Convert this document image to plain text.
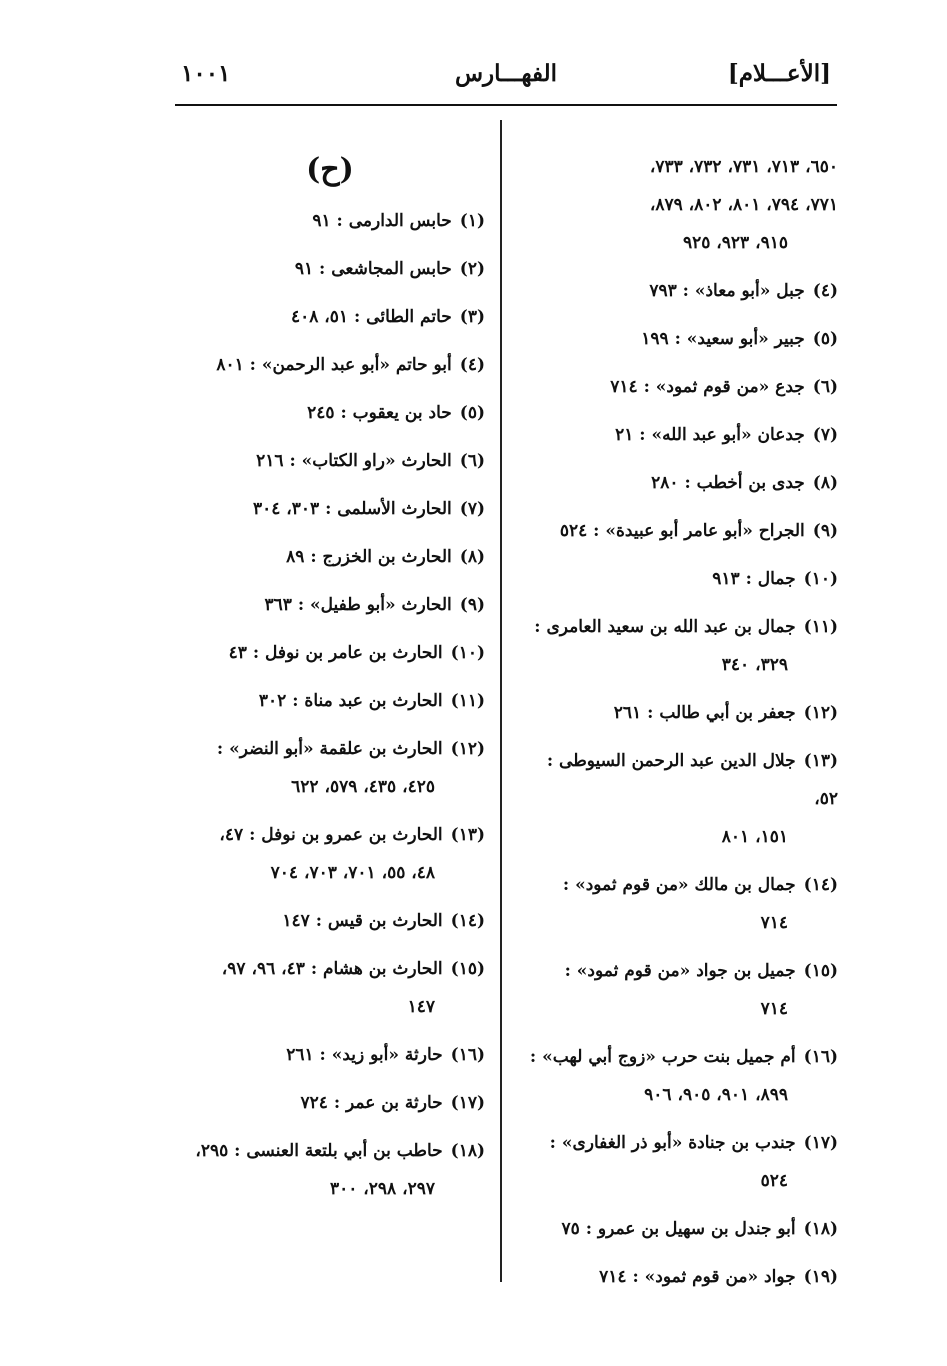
[الأعـــلام]
الفهـــارس
١٠٠١
٦٥٠، ٧١٣، ٧٣١، ٧٣٢، ٧٣٣،
٧٧١، ٧٩٤، ٨٠١، ٨٠٢، ٨٧٩،
٩١٥، ٩٢٣، ٩٢٥
(٤)جبل «أبو معاذ» : ٧٩٣
(٥)جبير «أبو سعيد» : ١٩٩
(٦)جدع «من قوم ثمود» : ٧١٤
(٧)جدعان «أبو عبد الله» : ٢١
(٨)جدى بن أخطب : ٢٨٠
(٩)الجراح «أبو عامر أبو عبيدة» : ٥٢٤
(١٠)جمال : ٩١٣
(١١)جمال بن عبد الله بن سعيد العامرى :
٣٢٩، ٣٤٠
(١٢)جعفر بن أبي طالب : ٢٦١
(١٣)جلال الدين عبد الرحمن السيوطى : ٥٢،
١٥١، ٨٠١
(١٤)جمال بن مالك «من قوم ثمود» :
٧١٤
(١٥)جميل بن جواد «من قوم ثمود» :
٧١٤
(١٦)أم جميل بنت حرب «زوج أبي لهب» :
٨٩٩، ٩٠١، ٩٠٥، ٩٠٦
(١٧)جندب بن جنادة «أبو ذر الغفارى» :
٥٢٤
(١٨)أبو جندل بن سهيل بن عمرو : ٧٥
(١٩)جواد «من قوم ثمود» : ٧١٤
(ح)
(١)حابس الدارمى : ٩١
(٢)حابس المجاشعى : ٩١
(٣)حاتم الطائى : ٥١، ٤٠٨
(٤)أبو حاتم «أبو عبد الرحمن» : ٨٠١
(٥)حاد بن يعقوب : ٢٤٥
(٦)الحارث «راو الكتاب» : ٢١٦
(٧)الحارث الأسلمى : ٣٠٣، ٣٠٤
(٨)الحارث بن الخزرج : ٨٩
(٩)الحارث «أبو طفيل» : ٣٦٣
(١٠)الحارث بن عامر بن نوفل : ٤٣
(١١)الحارث بن عبد مناة : ٣٠٢
(١٢)الحارث بن علقمة «أبو النضر» :
٤٢٥، ٤٣٥، ٥٧٩، ٦٢٢
(١٣)الحارث بن عمرو بن نوفل : ٤٧،
٤٨، ٥٥، ٧٠١، ٧٠٣، ٧٠٤
(١٤)الحارث بن قيس : ١٤٧
(١٥)الحارث بن هشام : ٤٣، ٩٦، ٩٧،
١٤٧
(١٦)حارثة «أبو زيد» : ٢٦١
(١٧)حارثة بن عمر : ٧٢٤
(١٨)حاطب بن أبي بلتعة العنسى : ٢٩٥،
٢٩٧، ٢٩٨، ٣٠٠
